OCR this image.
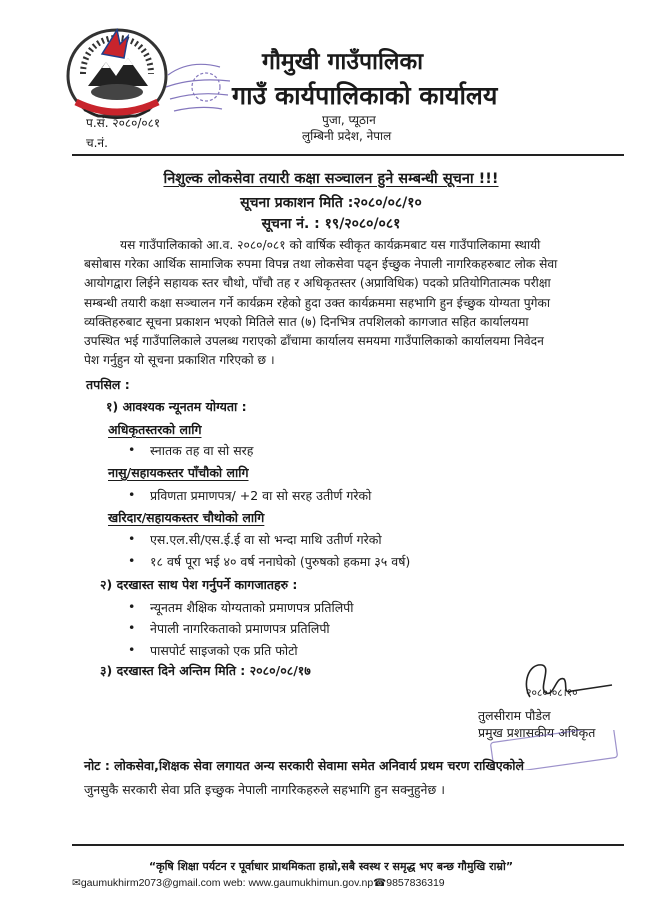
गौमुखी गाउँपालिका
गाउँ कार्यपालिकाको कार्यालय
पुजा, प्यूठान
लुम्बिनी प्रदेश, नेपाल
प.सं. २०८०/०८१
च.नं.
निशुल्क लोकसेवा तयारी कक्षा सञ्चालन हुने सम्बन्धी सूचना !!!
सूचना प्रकाशन मिति :२०८०/०८/१०
सूचना नं. : १९/२०८०/०८१
यस गाउँपालिकाको आ.व. २०८०/०८१ को वार्षिक स्वीकृत कार्यक्रमबाट यस गाउँपालिकामा स्थायी
बसोबास गरेका आर्थिक सामाजिक रुपमा विपन्न तथा लोकसेवा पढ्न ईच्छुक नेपाली नागरिकहरुबाट लोक सेवा
आयोगद्वारा लिईने सहायक स्तर चौथो, पाँचौ तह र अधिकृतस्तर (अप्राविधिक) पदको प्रतियोगितात्मक परीक्षा
सम्बन्धी तयारी कक्षा सञ्चालन गर्ने कार्यक्रम रहेको हुदा उक्त कार्यक्रममा सहभागि हुन ईच्छुक योग्यता पुगेका
व्यक्तिहरुबाट सूचना प्रकाशन भएको मितिले सात (७) दिनभित्र तपशिलको कागजात सहित कार्यालयमा
उपस्थित भई गाउँपालिकाले उपलब्ध गराएको ढाँचामा कार्यालय समयमा गाउँपालिकाको कार्यालयमा निवेदन
पेश गर्नुहुन यो सूचना प्रकाशित गरिएको छ ।
तपसिल :
१) आवश्यक न्यूनतम योग्यता :
अधिकृतस्तरको लागि
• स्नातक तह वा सो सरह
नासु/सहायकस्तर पाँचौको लागि
• प्रविणता प्रमाणपत्र/ +2 वा सो सरह उतीर्ण गरेको
खरिदार/सहायकस्तर चौथोको लागि
• एस.एल.सी/एस.ई.ई वा सो भन्दा माथि उतीर्ण गरेको
• १८ वर्ष पूरा भई ४० वर्ष ननाघेको (पुरुषको हकमा ३५ वर्ष)
२) दरखास्त साथ पेश गर्नुपर्ने कागजातहरु :
• न्यूनतम शैक्षिक योग्यताको प्रमाणपत्र प्रतिलिपी
• नेपाली नागरिकताको प्रमाणपत्र प्रतिलिपी
• पासपोर्ट साइजको एक प्रति फोटो
३) दरखास्त दिने अन्तिम मिति : २०८०/०८/१७
२०८०।०८।१०
तुलसीराम पौडेल
प्रमुख प्रशासकीय अधिकृत
नोट : लोकसेवा,शिक्षक सेवा लगायत अन्य सरकारी सेवामा समेत अनिवार्य प्रथम चरण राखिएकोले
जुनसुकै सरकारी सेवा प्रति इच्छुक नेपाली नागरिकहरुले सहभागि हुन सक्नुहुनेछ ।
“कृषि शिक्षा पर्यटन र पूर्वाधार प्राथमिकता हाम्रो,सबै स्वस्थ र समृद्ध भए बन्छ गौमुखि राम्रो”
✉gaumukhirm2073@gmail.com web: www.gaumukhimun.gov.np☎9857836319
